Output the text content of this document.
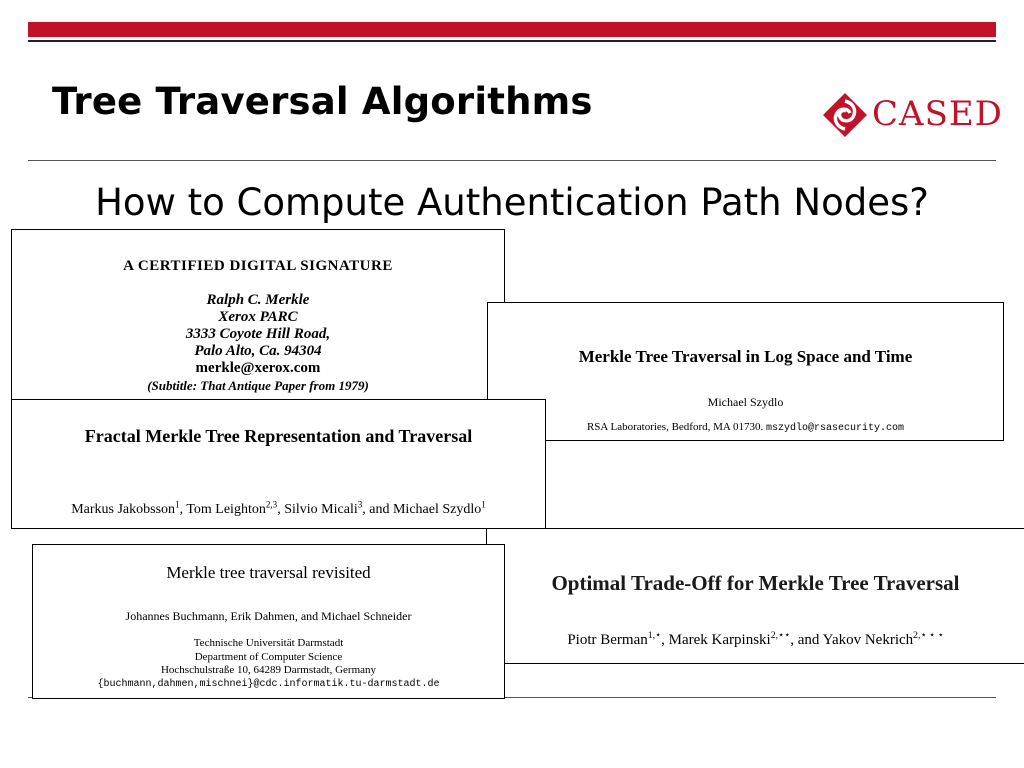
Tree Traversal Algorithms	CASED
How to Compute Authentication Path Nodes?
A CERTIFIED DIGITAL SIGNATURE
Ralph C. Merkle
Xerox PARC
3333 Coyote Hill Road,
Palo Alto, Ca. 94304
merkle@xerox.com
(Subtitle: That Antique Paper from 1979)
Merkle Tree Traversal in Log Space and Time
Michael Szydlo
RSA Laboratories, Bedford, MA 01730. mszydlo@rsasecurity.com
Fractal Merkle Tree Representation and Traversal
Markus Jakobsson$^1$, Tom Leighton$^{2,3}$, Silvio Micali$^3$, and Michael Szydlo$^1$
Optimal Trade-Off for Merkle Tree Traversal
Piotr Berman$^{1,⋆}$, Marek Karpinski$^{2,⋆⋆}$, and Yakov Nekrich$^{2,⋆ ⋆ ⋆}$
Merkle tree traversal revisited
Johannes Buchmann, Erik Dahmen, and Michael Schneider
Technische Universität Darmstadt
Department of Computer Science
Hochschulstraße 10, 64289 Darmstadt, Germany
{buchmann,dahmen,mischnei}@cdc.informatik.tu-darmstadt.de
